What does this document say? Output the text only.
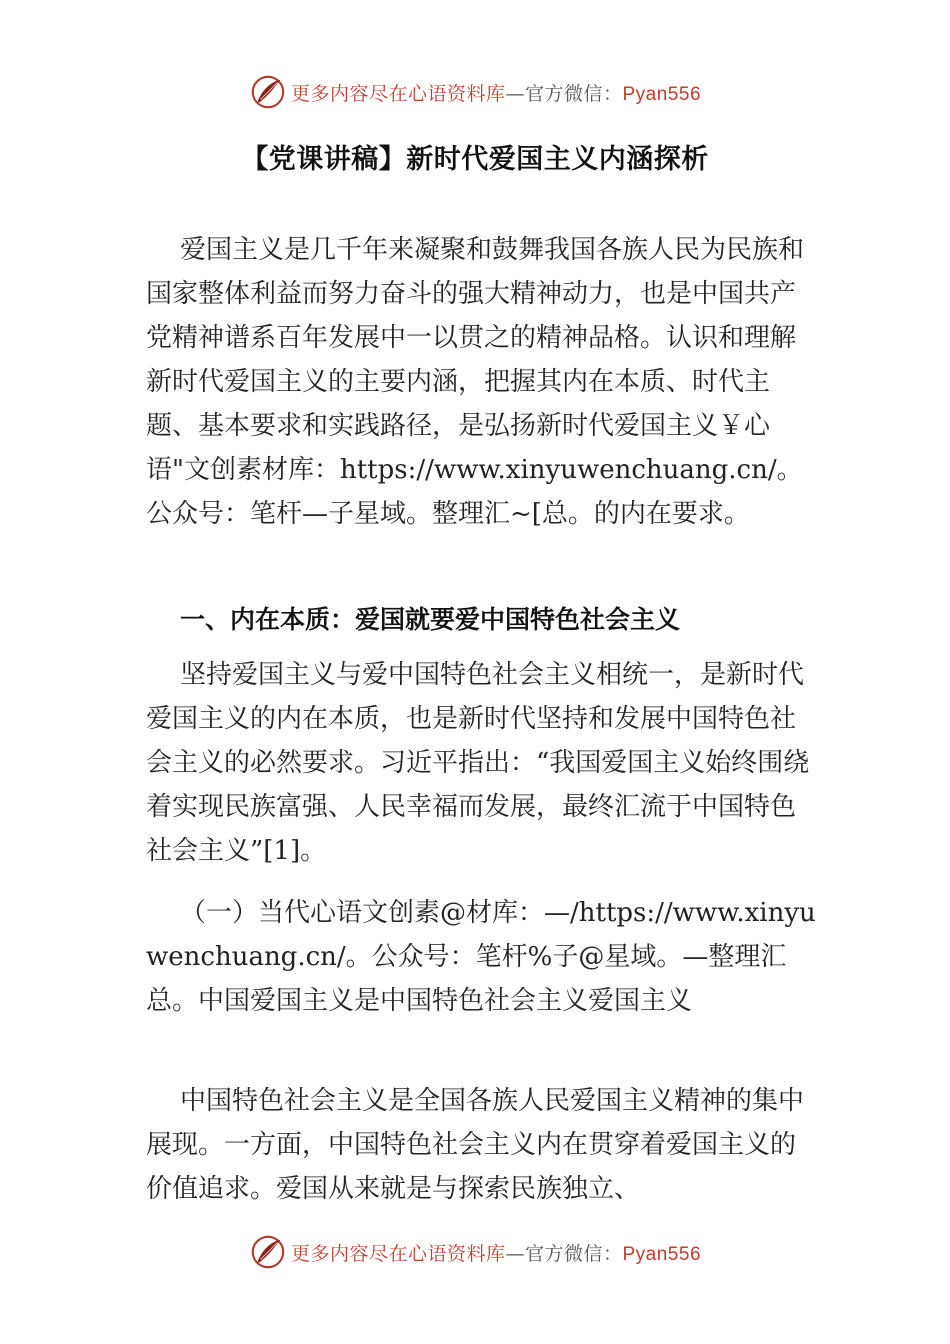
更多内容尽在心语资料库—官方微信：Pyan556
【党课讲稿】新时代爱国主义内涵探析

爱国主义是几千年来凝聚和鼓舞我国各族人民为民族和国家整体利益而努力奋斗的强大精神动力，也是中国共产党精神谱系百年发展中一以贯之的精神品格。认识和理解新时代爱国主义的主要内涵，把握其内在本质、时代主题、基本要求和实践路径，是弘扬新时代爱国主义￥心语"文创素材库：https://www.xinyuwenchuang.cn/。公众号：笔杆—子星域。整理汇~[总。的内在要求。

一、内在本质：爱国就要爱中国特色社会主义

坚持爱国主义与爱中国特色社会主义相统一，是新时代爱国主义的内在本质，也是新时代坚持和发展中国特色社会主义的必然要求。习近平指出：“我国爱国主义始终围绕着实现民族富强、人民幸福而发展，最终汇流于中国特色社会主义”[1]。

（一）当代心语文创素@材库：—/https://www.xinyuwenchuang.cn/。公众号：笔杆%子@星域。—整理汇总。中国爱国主义是中国特色社会主义爱国主义

中国特色社会主义是全国各族人民爱国主义精神的集中展现。一方面，中国特色社会主义内在贯穿着爱国主义的价值追求。爱国从来就是与探索民族独立、

更多内容尽在心语资料库—官方微信：Pyan556
